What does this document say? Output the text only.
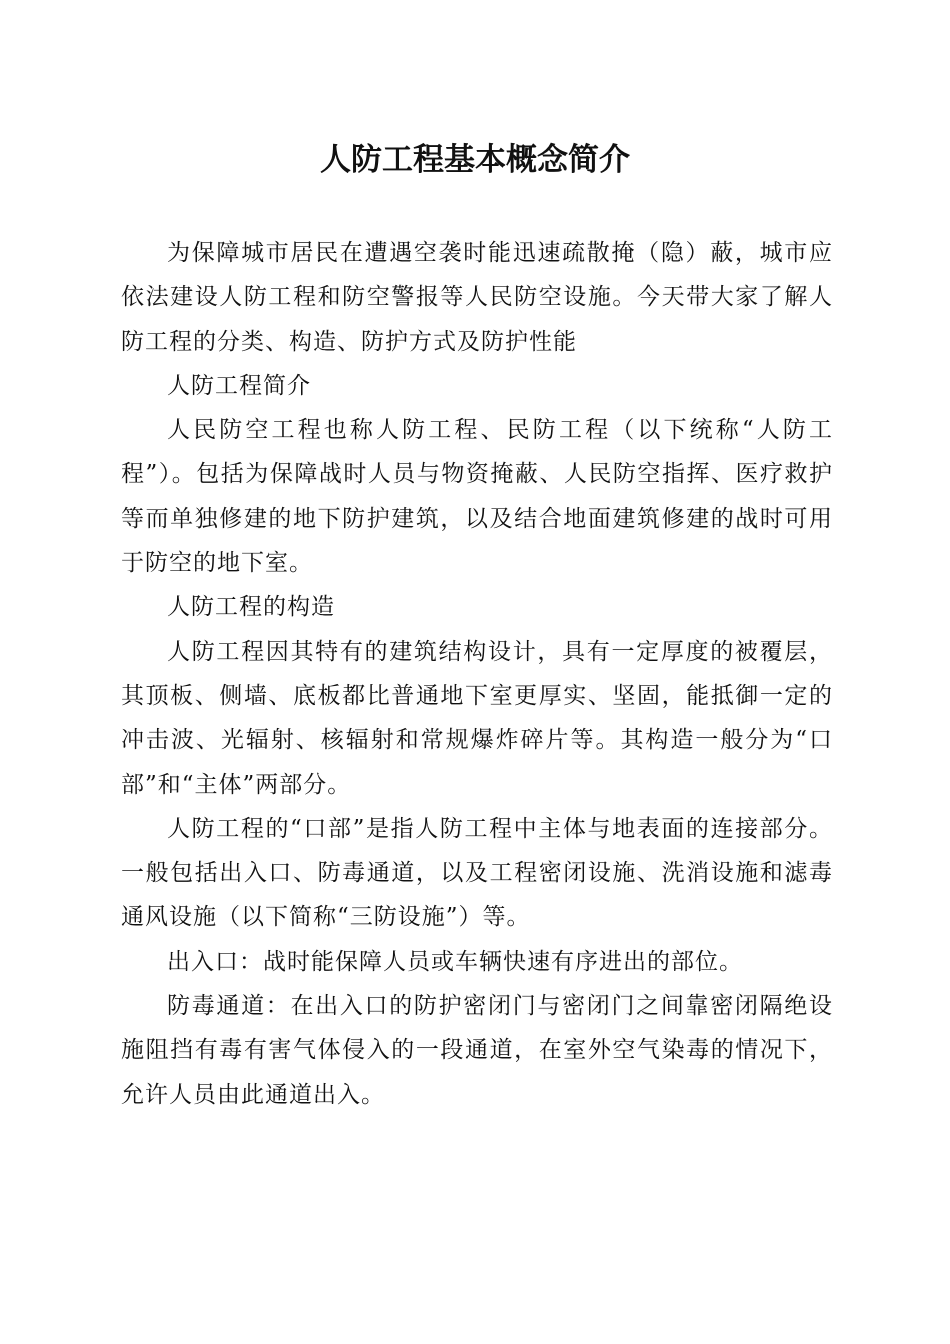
人防工程基本概念简介

为保障城市居民在遭遇空袭时能迅速疏散掩（隐）蔽，城市应依法建设人防工程和防空警报等人民防空设施。今天带大家了解人防工程的分类、构造、防护方式及防护性能

人防工程简介

人民防空工程也称人防工程、民防工程（以下统称“人防工程”）。包括为保障战时人员与物资掩蔽、人民防空指挥、医疗救护等而单独修建的地下防护建筑，以及结合地面建筑修建的战时可用于防空的地下室。

人防工程的构造

人防工程因其特有的建筑结构设计，具有一定厚度的被覆层，其顶板、侧墙、底板都比普通地下室更厚实、坚固，能抵御一定的冲击波、光辐射、核辐射和常规爆炸碎片等。其构造一般分为“口部”和“主体”两部分。

人防工程的“口部”是指人防工程中主体与地表面的连接部分。一般包括出入口、防毒通道，以及工程密闭设施、洗消设施和滤毒通风设施（以下简称“三防设施”）等。

出入口：战时能保障人员或车辆快速有序进出的部位。

防毒通道：在出入口的防护密闭门与密闭门之间靠密闭隔绝设施阻挡有毒有害气体侵入的一段通道，在室外空气染毒的情况下，允许人员由此通道出入。
